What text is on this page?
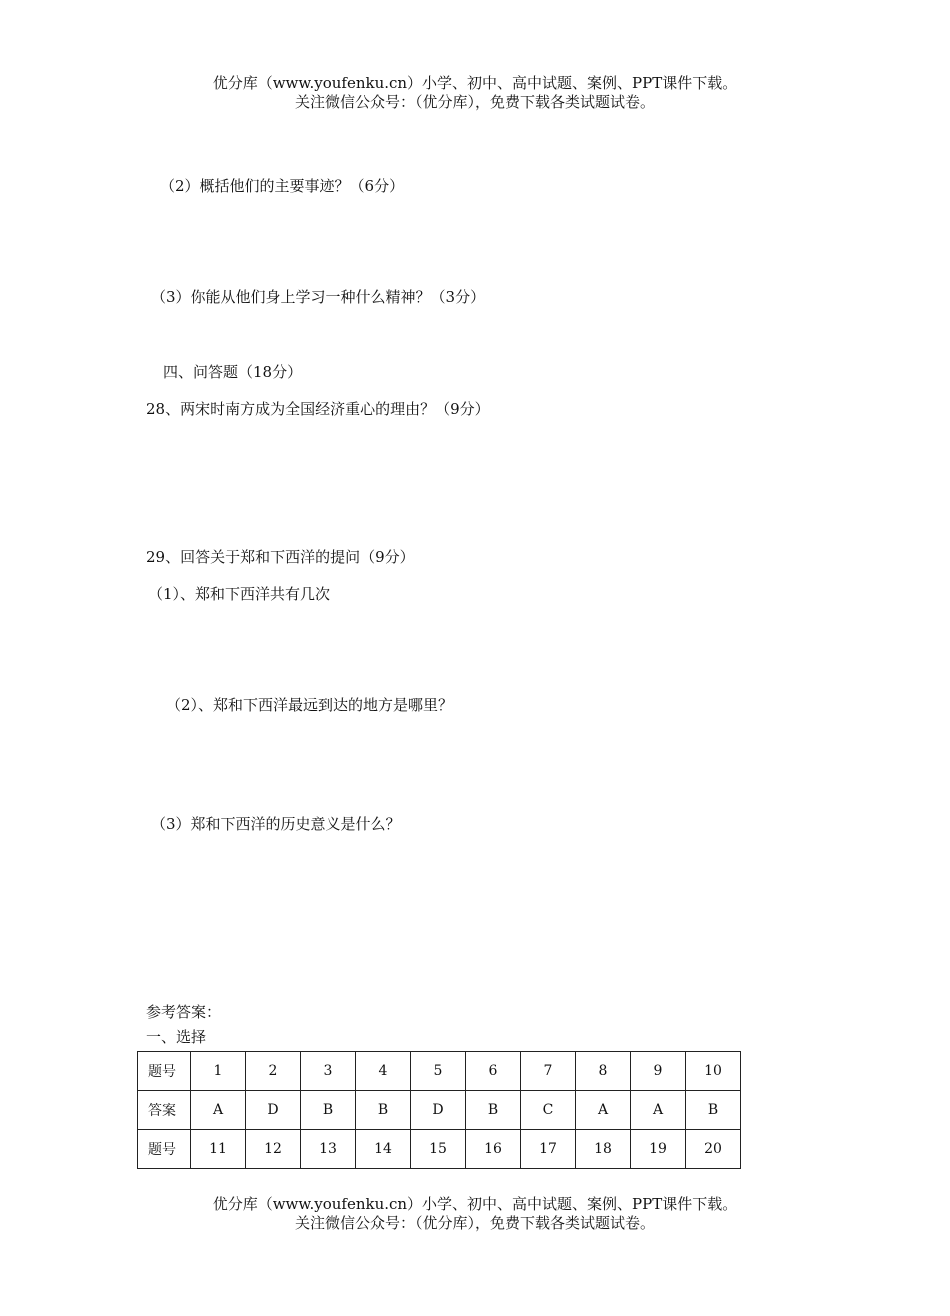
优分库（www.youfenku.cn）小学、初中、高中试题、案例、PPT课件下载。
关注微信公众号：（优分库），免费下载各类试题试卷。
（2）概括他们的主要事迹？（6分）
（3）你能从他们身上学习一种什么精神？（3分）
四、问答题（18分）
28、两宋时南方成为全国经济重心的理由？（9分）
29、回答关于郑和下西洋的提问（9分）
（1）、郑和下西洋共有几次
（2）、郑和下西洋最远到达的地方是哪里？
（3）郑和下西洋的历史意义是什么？
参考答案：
一、选择
题号	1	2	3	4	5	6	7	8	9	10
答案	A	D	B	B	D	B	C	A	A	B
题号	11	12	13	14	15	16	17	18	19	20
优分库（www.youfenku.cn）小学、初中、高中试题、案例、PPT课件下载。
关注微信公众号：（优分库），免费下载各类试题试卷。
